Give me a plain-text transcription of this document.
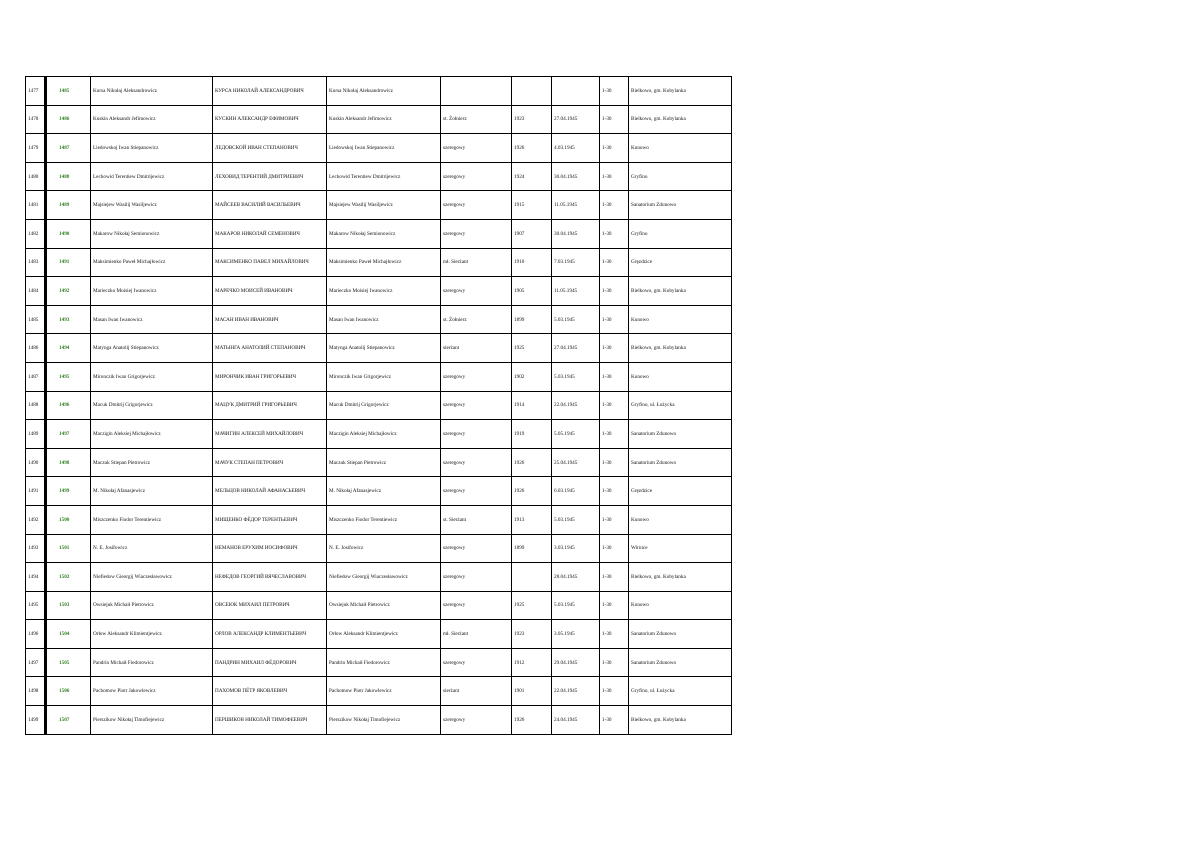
1477	1485	Kursa Nikołaj Aleksandrowicz	КУРСА НИКОЛАЙ АЛЕКСАНДРОВИЧ	Kursa Nikołaj Aleksandrowicz				1-30	Bielkowo, gm. Kobylanka
1478	1486	Kuskin Aleksandr Jefimowicz	КУСКИН АЛЕКСАНДР ЕФИМОВИЧ	Kuskin Aleksandr Jefimowicz	st. Żołnierz	1923	27.04.1945	1-30	Bielkowo, gm. Kobylanka
1479	1487	Liedowskoj Iwan Stiepanowicz	ЛЕДОВСКОЙ ИВАН СТЕПАНОВИЧ	Liedowskoj Iwan Stiepanowicz	szeregowy	1926	4.03.1945	1-30	Kunowo
1480	1488	Lechowid Terentiew Dmitrijewicz	ЛЕХОВИД ТЕРЕНТИЙ ДМИТРИЕВИЧ	Lechowid Terentiew Dmitrijewicz	szeregowy	1924	30.04.1945	1-30	Gryfino
1481	1489	Majsiejew Wasilij Wasiljewicz	МАЙСЕЕВ ВАСИЛИЙ ВАСИЛЬЕВИЧ	Majsiejew Wasilij Wasiljewicz	szeregowy	1915	11.05.1945	1-30	Sanatorium Zdunowo
1482	1490	Makarow Nikołaj Semionowicz	МАКАРОВ НИКОЛАЙ СЕМЕНОВИЧ	Makarow Nikołaj Semionowicz	szeregowy	1907	30.04.1945	1-30	Gryfino
1483	1491	Maksimienko Paweł Michajłowicz	МАКСИМЕНКО ПАВЕЛ МИХАЙЛОВИЧ	Maksimienko Paweł Michajłowicz	mł. Sierżant	1910	7.03.1945	1-30	Gręzdzice
1484	1492	Marieczko Moisiej Iwanowicz	МАРЕЧКО МОИСЕЙ ИВАНОВИЧ	Marieczko Moisiej Iwanowicz	szeregowy	1905	11.05.1945	1-30	Bielkowo, gm. Kobylanka
1485	1493	Masan Iwan Iwanowicz	МАСАН ИВАН ИВАНОВИЧ	Masan Iwan Iwanowicz	st. Żołnierz	1899	5.03.1945	1-30	Kunowo
1486	1494	Matynga Anatolij Stiepanowicz	МАТЫНГА АНАТОЛИЙ СТЕПАНОВИЧ	Matynga Anatolij Stiepanowicz	sierżant	1925	27.04.1945	1-30	Bielkowo, gm. Kobylanka
1487	1495	Mironczik Iwan Grigorjewicz	МИРОНЧИК ИВАН ГРИГОРЬЕВИЧ	Mironczik Iwan Grigorjewicz	szeregowy	1902	5.03.1945	1-30	Kunowo
1488	1496	Macuk Dmitrij Grigorjewicz	МАЦУК ДМИТРИЙ ГРИГОРЬЕВИЧ	Macuk Dmitrij Grigorjewicz	szeregowy	1914	22.04.1945	1-30	Gryfino, ul. Łużycka
1489	1497	Maczigin Aleksiej Michajłowicz	МАЧИГИН АЛЕКСЕЙ МИХАЙЛОВИЧ	Maczigin Aleksiej Michajłowicz	szeregowy	1919	5.05.1945	1-30	Sanatorium Zdunowo
1490	1498	Maczuk Stiepan Pietrowicz	МАЧУК СТЕПАН ПЕТРОВИЧ	Maczuk Stiepan Pietrowicz	szeregowy	1926	25.04.1945	1-30	Sanatorium Zdunowo
1491	1499	M. Nikołaj Afanasjewicz	МЕЛЬЦОВ НИКОЛАЙ АФАНАСЬЕВИЧ	M. Nikołaj Afanasjewicz	szeregowy	1926	6.03.1945	1-30	Gręzdzice
1492	1500	Miszczenko Fiodor Terentiewicz	МИЩЕНКО ФЁДОР ТЕРЕНТЬЕВИЧ	Miszczenko Fiodor Terentiewicz	st. Sierżant	1913	5.03.1945	1-30	Kunowo
1493	1501	N. E. Josifowicz	НЕМАНОВ ЕРУХИМ ИОСИФОВИЧ	N. E. Josifowicz	szeregowy	1899	3.03.1945	1-30	Wirnice
1494	1502	Niefiedow Gieorgij Wiaczesławowicz	НЕФЕДОВ ГЕОРГИЙ ВЯЧЕСЛАВОВИЧ	Niefiedow Gieorgij Wiaczesławowicz	szeregowy		28.04.1945	1-30	Bielkowo, gm. Kobylanka
1495	1503	Owsiejuk Michaił Pietrowicz	ОВСЕЮК МИХАИЛ ПЕТРОВИЧ	Owsiejuk Michaił Pietrowicz	szeregowy	1925	5.03.1945	1-30	Kunowo
1496	1504	Orłow Aleksandr Klimientjewicz	ОРЛОВ АЛЕКСАНДР КЛИМЕНТЬЕВИЧ	Orłow Aleksandr Klimientjewicz	mł. Sierżant	1923	3.05.1945	1-30	Sanatorium Zdunowo
1497	1505	Pandrin Michaił Fiedorowicz	ПАНДРИН МИХАИЛ ФЁДОРОВИЧ	Pandrin Michaił Fiedorowicz	szeregowy	1912	29.04.1945	1-30	Sanatorium Zdunowo
1498	1506	Pachomow Piotr Jakowlewicz	ПАХОМОВ ПЁТР ЯКОВЛЕВИЧ	Pachomow Piotr Jakowlewicz	sierżant	1901	22.04.1945	1-30	Gryfino, ul. Łużycka
1499	1507	Pierszikow Nikołaj Timofiejewicz	ПЕРШИКОВ НИКОЛАЙ ТИМОФЕЕВИЧ	Pierszikow Nikołaj Timofiejewicz	szeregowy	1926	24.04.1945	1-30	Bielkowo, gm. Kobylanka
